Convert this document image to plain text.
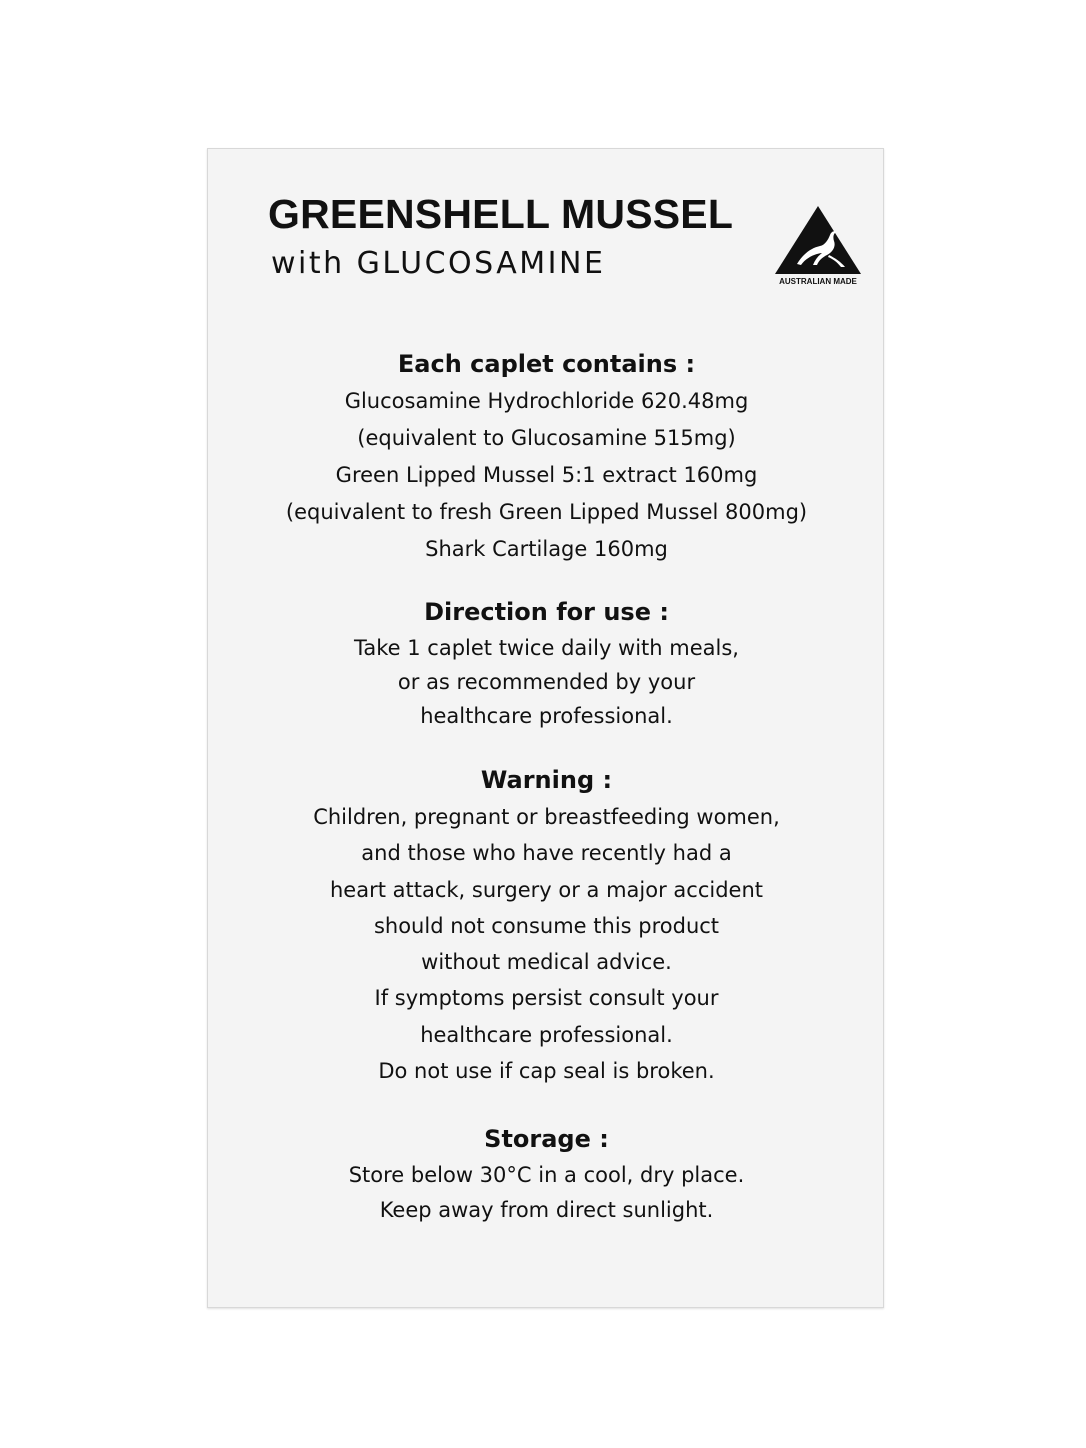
GREENSHELL MUSSEL
with GLUCOSAMINE
AUSTRALIAN MADE
Each caplet contains :

Glucosamine Hydrochloride 620.48mg

(equivalent to Glucosamine 515mg)

Green Lipped Mussel 5:1 extract 160mg

(equivalent to fresh Green Lipped Mussel 800mg)

Shark Cartilage 160mg

Direction for use :

Take 1 caplet twice daily with meals,

or as recommended by your

healthcare professional.

Warning :

Children, pregnant or breastfeeding women,

and those who have recently had a

heart attack, surgery or a major accident

should not consume this product

without medical advice.

If symptoms persist consult your

healthcare professional.

Do not use if cap seal is broken.

Storage :

Store below 30°C in a cool, dry place.

Keep away from direct sunlight.
